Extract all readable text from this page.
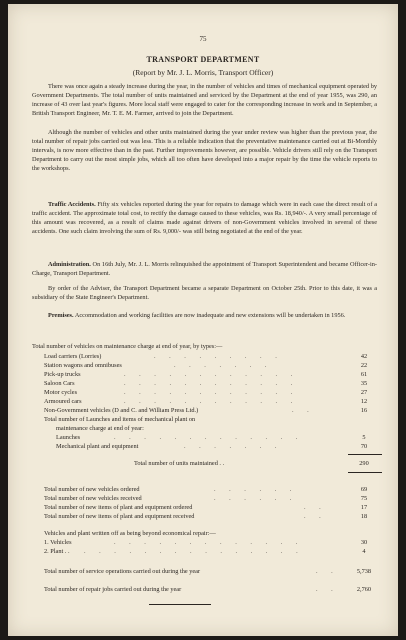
75
TRANSPORT DEPARTMENT
(Report by Mr. J. L. Morris, Transport Officer)

There was once again a steady increase during the year, in the number of vehicles and times of mechanical equipment operated by Government Departments. The total number of units maintained and serviced by the Department at the end of year 1955, was 290, an increase of 43 over last year's figures. More local staff were engaged to cater for the corresponding increase in work and in September, a British Transport Engineer, Mr. T. E. M. Farmer, arrived to join the Department.

Although the number of vehicles and other units maintained during the year under review was higher than the previous year, the total number of repair jobs carried out was less. This is a reliable indication that the preventative maintenance carried out at Bi-Monthly intervals, is now more effective than in the past. Further improvements however, are possible. Vehicle drivers still rely on the Transport Department to carry out the most simple jobs, which all too often have developed into a major repair by the time the vehicle reports to the workshops.

Traffic Accidents. Fifty six vehicles reported during the year for repairs to damage which were in each case the direct result of a traffic accident. The approximate total cost, to rectify the damage caused to these vehicles, was Rs. 18,940/-. A very small percentage of this amount was recovered, as a result of claims made against drivers of non-Government vehicles involved in several of these accidents. One such claim involving the sum of Rs. 9,000/- was still being negotiated at the end of the year.

Administration. On 16th July, Mr. J. L. Morris relinquished the appointment of Transport Superintendent and became Officer-in-Charge, Transport Department.

By order of the Adviser, the Transport Department became a separate Department on October 25th. Prior to this date, it was a subsidiary of the State Engineer's Department.

Premises. Accommodation and working facilities are now inadequate and new extensions will be undertaken in 1956.

Total number of vehicles on maintenance charge at end of year, by types:—
Load carriers (Lorries)	. . . . . . . . .	42
Station wagons and omnibuses	. . . . . . .	22
Pick-up trucks	. . . . . . . . . . . .	61
Saloon Cars	. . . . . . . . . . . .	35
Motor cycles	. . . . . . . . . . . .	27
Armoured cars	. . . . . . . . . . . .	12
Non-Government vehicles (D and C. and William Press Ltd.)	. .	16
Total number of Launches and items of mechanical plant on
maintenance charge at end of year:
Launches	. . . . . . . . . . . . .	5
Mechanical plant and equipment	. . . . . . .	70
Total number of units maintained . .	290
Total number of new vehicles ordered	. . . . . .	69
Total number of new vehicles received	. . . . . .	75
Total number of new items of plant and equipment ordered	. .	17
Total number of new items of plant and equipment received	. .	18
Vehicles and plant written off as being beyond economical repair:—
1. Vehicles	. . . . . . . . . . . . .	30
2. Plant . . . . . . . . . . . . . . . . .	4
Total number of service operations carried out during the year	. .	5,738
Total number of repair jobs carried out during the year	. .	2,760
